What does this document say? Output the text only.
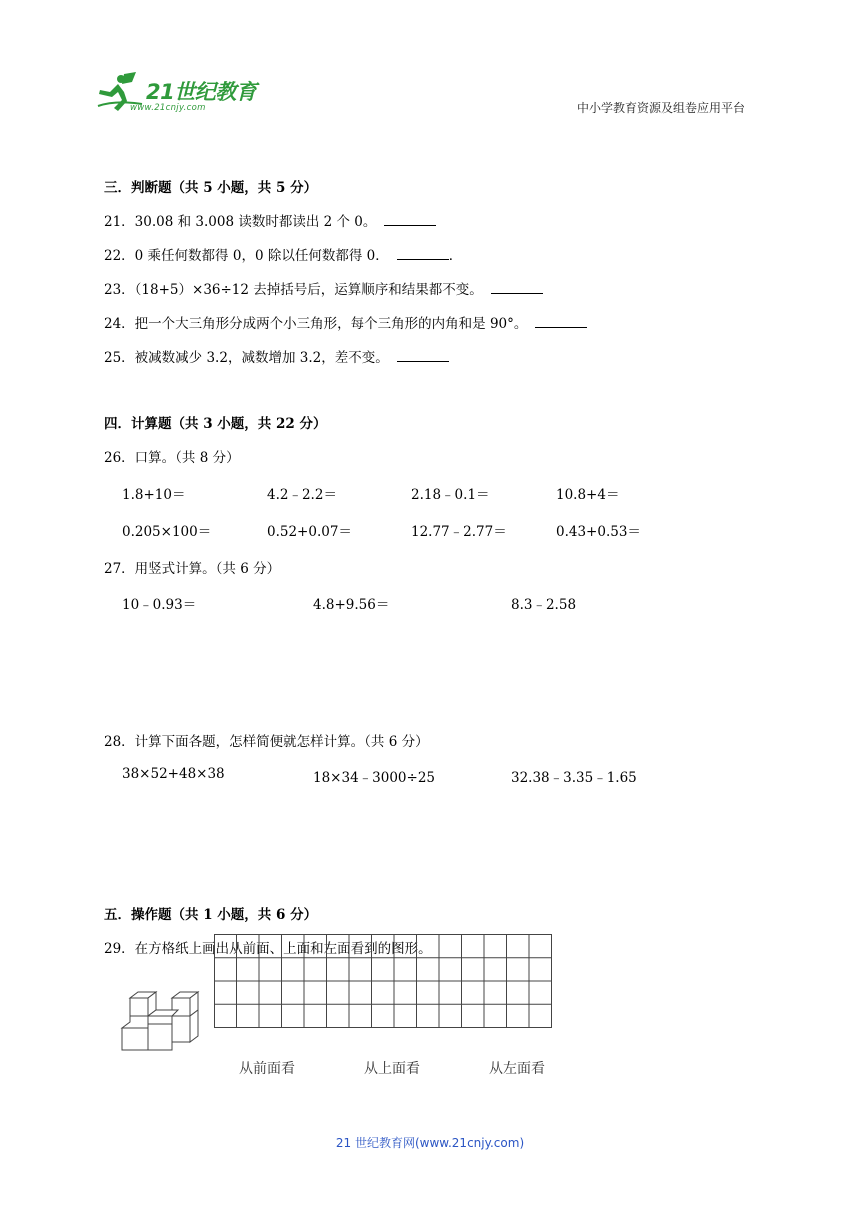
21世纪教育
www.21cnjy.com	中小学教育资源及组卷应用平台
三．判断题（共 5 小题，共 5 分）
21．30.08 和 3.008 读数时都读出 2 个 0。
22．0 乘任何数都得 0，0 除以任何数都得 0．	．
23．（18+5）×36÷12 去掉括号后，运算顺序和结果都不变。
24．把一个大三角形分成两个小三角形，每个三角形的内角和是 90°。
25．被减数减少 3.2，减数增加 3.2，差不变。
四．计算题（共 3 小题，共 22 分）
26．口算。（共 8 分）
1.8+10＝	4.2﹣2.2＝	2.18﹣0.1＝	10.8+4＝
0.205×100＝	0.52+0.07＝	12.77﹣2.77＝	0.43+0.53＝
27．用竖式计算。（共 6 分）
10﹣0.93＝	4.8+9.56＝	8.3﹣2.58
28．计算下面各题，怎样简便就怎样计算。（共 6 分）
38×52+48×38	18×34﹣3000÷25	32.38﹣3.35﹣1.65
五．操作题（共 1 小题，共 6 分）
29．在方格纸上画出从前面、上面和左面看到的图形。
从前面看	从上面看	从左面看
21 世纪教育网(www.21cnjy.com)
